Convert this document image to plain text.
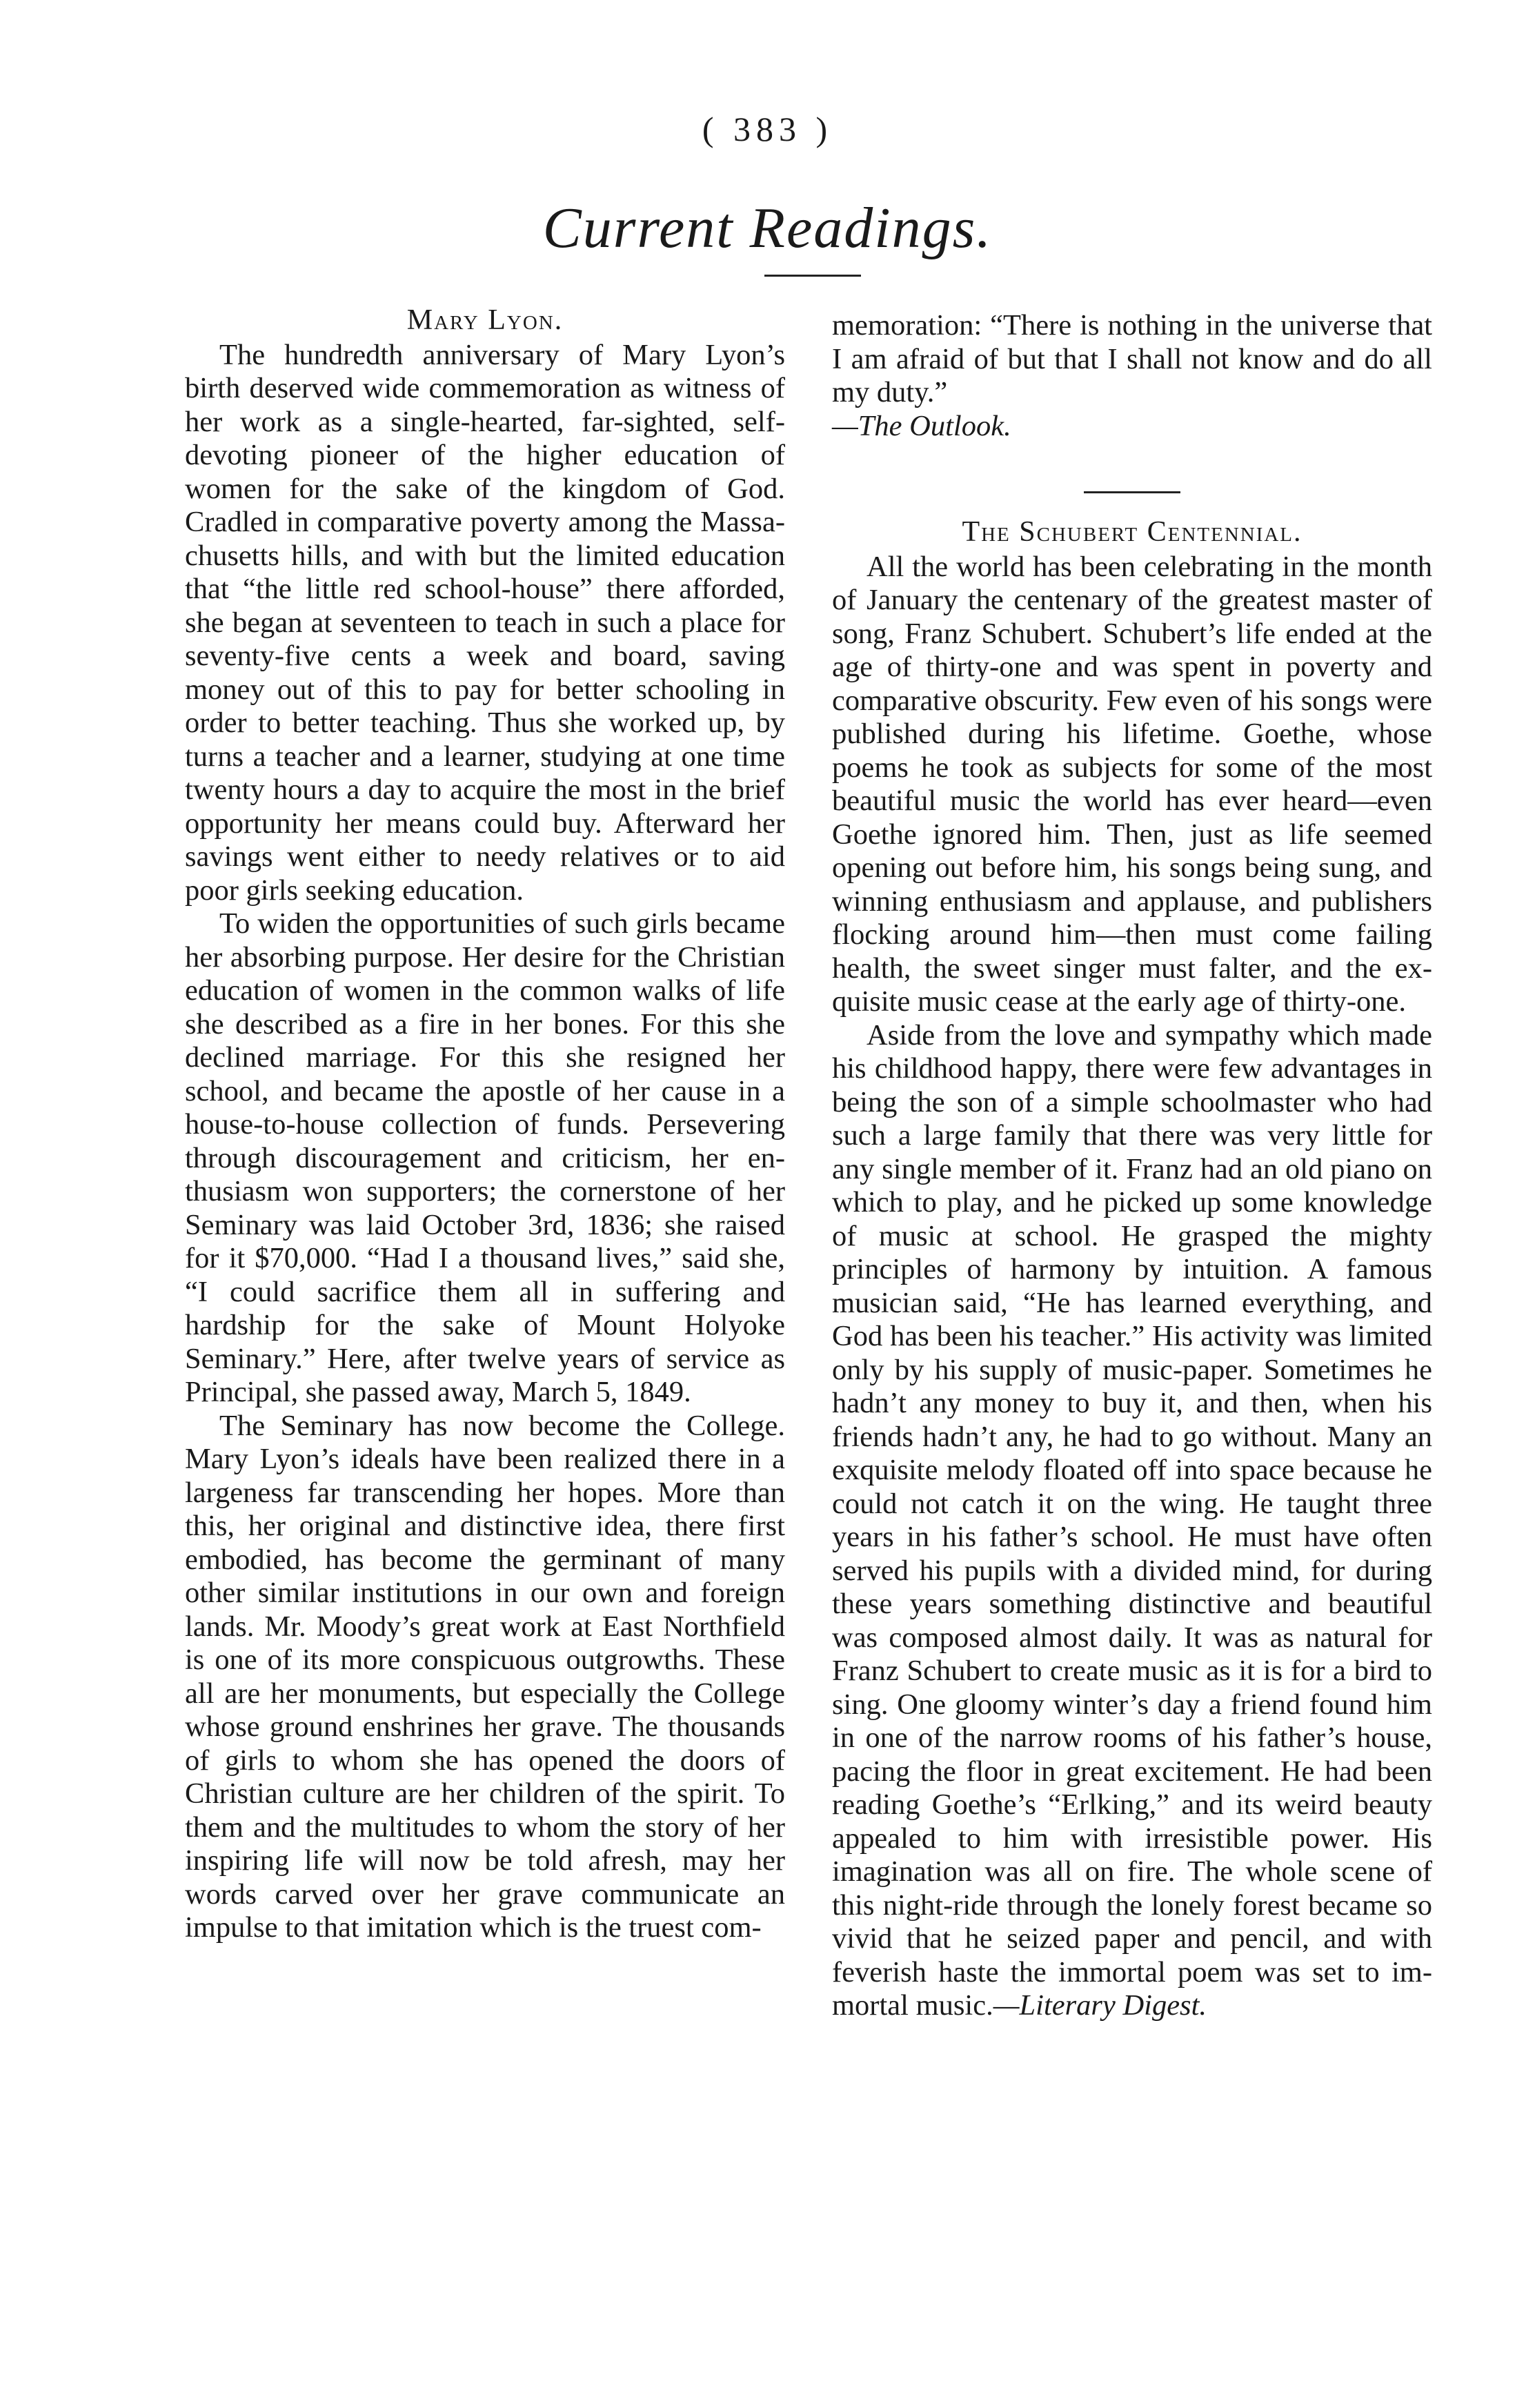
( 383 )
Current Readings.
Mary Lyon.

The hundredth anniversary of Mary Lyon’s birth deserved wide commemoration as witness of her work as a single-hearted, far-sighted, self-devoting pioneer of the higher education of women for the sake of the kingdom of God. Cradled in comparative poverty among the Massachusetts hills, and with but the limited education that “the little red school-house” there afforded, she began at seventeen to teach in such a place for seventy-five cents a week and board, saving money out of this to pay for better schooling in order to better teaching. Thus she worked up, by turns a teacher and a learner, studying at one time twenty hours a day to acquire the most in the brief opportunity her means could buy. Afterward her savings went either to needy relatives or to aid poor girls seeking education.

To widen the opportunities of such girls became her absorbing purpose. Her desire for the Christian education of women in the common walks of life she described as a fire in her bones. For this she declined marriage. For this she resigned her school, and became the apostle of her cause in a house-to-house collection of funds. Persevering through discouragement and criticism, her enthusiasm won supporters; the cornerstone of her Seminary was laid October 3rd, 1836; she raised for it $70,000. “Had I a thousand lives,” said she, “I could sacrifice them all in suffering and hardship for the sake of Mount Holyoke Seminary.” Here, after twelve years of service as Principal, she passed away, March 5, 1849.

The Seminary has now become the College. Mary Lyon’s ideals have been realized there in a largeness far transcending her hopes. More than this, her original and distinctive idea, there first embodied, has become the germinant of many other similar institutions in our own and foreign lands. Mr. Moody’s great work at East Northfield is one of its more conspicuous outgrowths. These all are her monuments, but especially the College whose ground enshrines her grave. The thousands of girls to whom she has opened the doors of Christian culture are her children of the spirit. To them and the multitudes to whom the story of her inspiring life will now be told afresh, may her words carved over her grave communicate an impulse to that imitation which is the truest com-

memoration: “There is nothing in the universe that I am afraid of but that I shall not know and do all my duty.”
—The Outlook.

The Schubert Centennial.

All the world has been celebrating in the month of January the centenary of the greatest master of song, Franz Schubert. Schubert’s life ended at the age of thirty-one and was spent in poverty and comparative obscurity. Few even of his songs were published during his lifetime. Goethe, whose poems he took as subjects for some of the most beautiful music the world has ever heard—even Goethe ignored him. Then, just as life seemed opening out before him, his songs being sung, and winning enthusiasm and applause, and publishers flocking around him—then must come failing health, the sweet singer must falter, and the exquisite music cease at the early age of thirty-one.

Aside from the love and sympathy which made his childhood happy, there were few advantages in being the son of a simple schoolmaster who had such a large family that there was very little for any single member of it. Franz had an old piano on which to play, and he picked up some knowledge of music at school. He grasped the mighty principles of harmony by intuition. A famous musician said, “He has learned everything, and God has been his teacher.” His activity was limited only by his supply of music-paper. Sometimes he hadn’t any money to buy it, and then, when his friends hadn’t any, he had to go without. Many an exquisite melody floated off into space because he could not catch it on the wing. He taught three years in his father’s school. He must have often served his pupils with a divided mind, for during these years something distinctive and beautiful was composed almost daily. It was as natural for Franz Schubert to create music as it is for a bird to sing. One gloomy winter’s day a friend found him in one of the narrow rooms of his father’s house, pacing the floor in great excitement. He had been reading Goethe’s “Erlking,” and its weird beauty appealed to him with irresistible power. His imagination was all on fire. The whole scene of this night-ride through the lonely forest became so vivid that he seized paper and pencil, and with feverish haste the immortal poem was set to immortal music.—Literary Digest.
